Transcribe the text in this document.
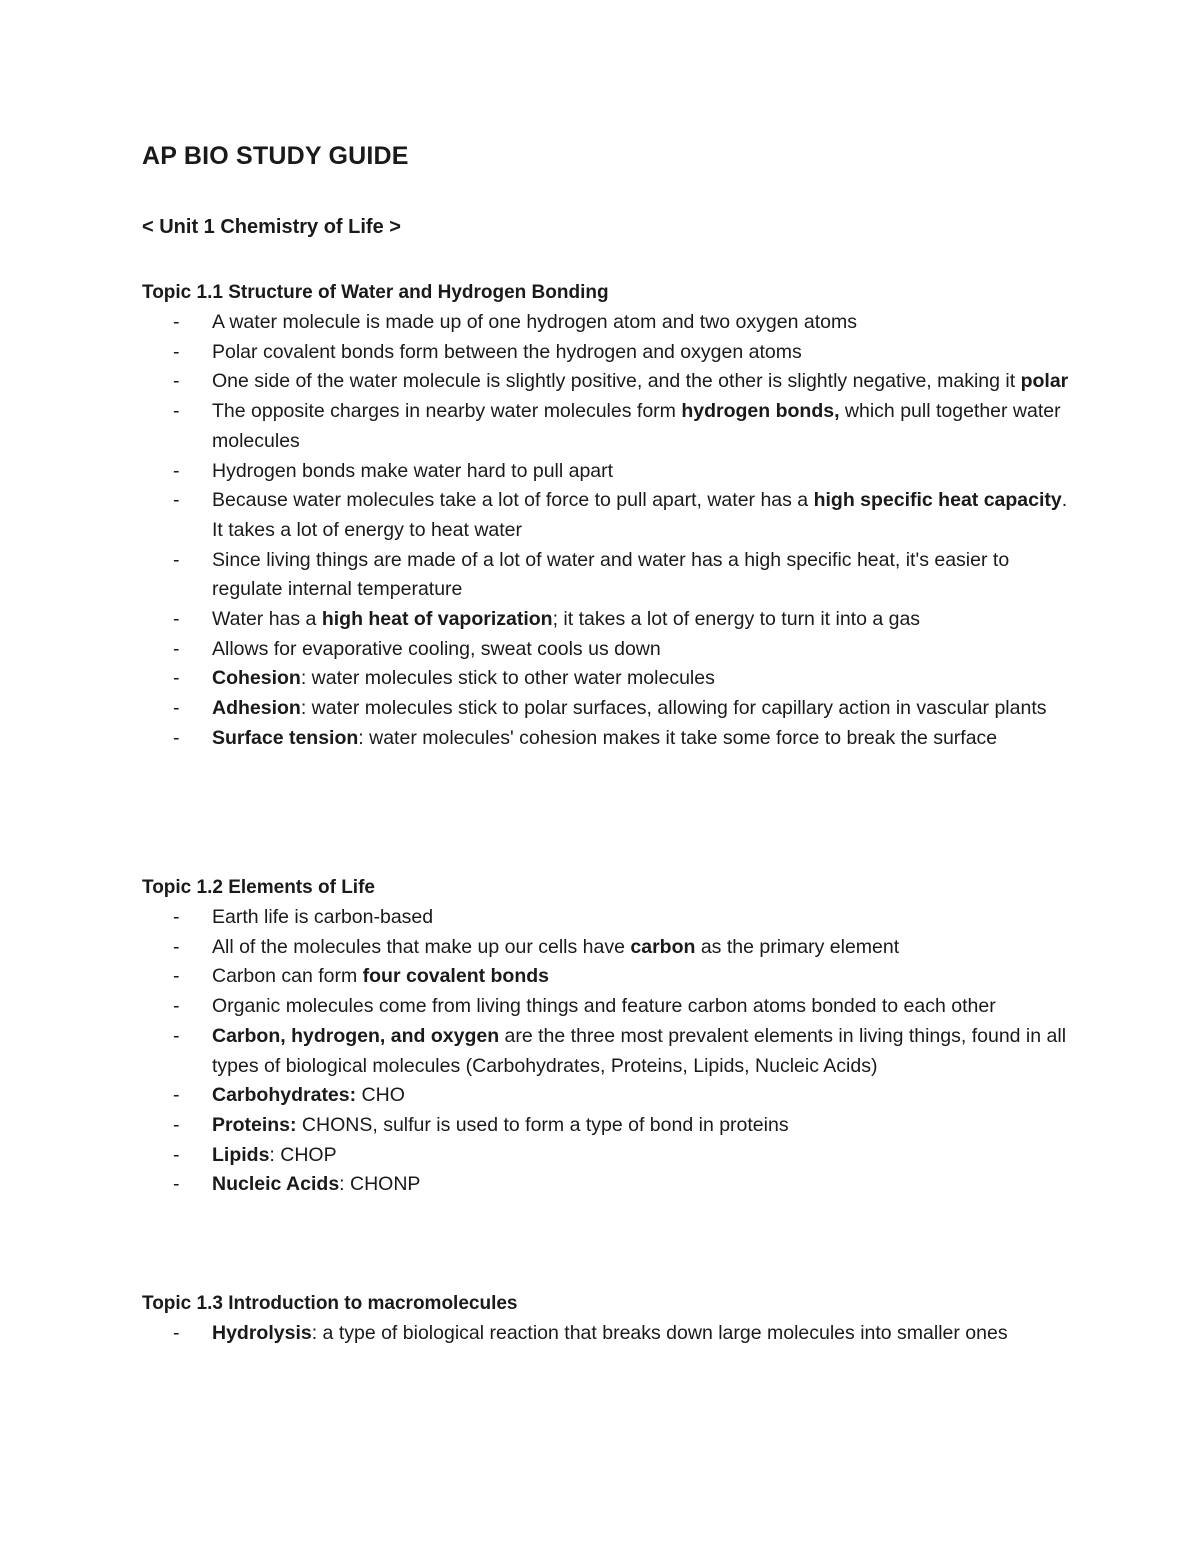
AP BIO STUDY GUIDE
< Unit 1 Chemistry of Life >
Topic 1.1 Structure of Water and Hydrogen Bonding
- A water molecule is made up of one hydrogen atom and two oxygen atoms
- Polar covalent bonds form between the hydrogen and oxygen atoms
- One side of the water molecule is slightly positive, and the other is slightly negative, making it polar
- The opposite charges in nearby water molecules form hydrogen bonds, which pull together water molecules
- Hydrogen bonds make water hard to pull apart
- Because water molecules take a lot of force to pull apart, water has a high specific heat capacity. It takes a lot of energy to heat water
- Since living things are made of a lot of water and water has a high specific heat, it's easier to regulate internal temperature
- Water has a high heat of vaporization; it takes a lot of energy to turn it into a gas
- Allows for evaporative cooling, sweat cools us down
- Cohesion: water molecules stick to other water molecules
- Adhesion: water molecules stick to polar surfaces, allowing for capillary action in vascular plants
- Surface tension: water molecules' cohesion makes it take some force to break the surface
Topic 1.2 Elements of Life
- Earth life is carbon-based
- All of the molecules that make up our cells have carbon as the primary element
- Carbon can form four covalent bonds
- Organic molecules come from living things and feature carbon atoms bonded to each other
- Carbon, hydrogen, and oxygen are the three most prevalent elements in living things, found in all types of biological molecules (Carbohydrates, Proteins, Lipids, Nucleic Acids)
- Carbohydrates: CHO
- Proteins: CHONS, sulfur is used to form a type of bond in proteins
- Lipids: CHOP
- Nucleic Acids: CHONP
Topic 1.3 Introduction to macromolecules
- Hydrolysis: a type of biological reaction that breaks down large molecules into smaller ones
